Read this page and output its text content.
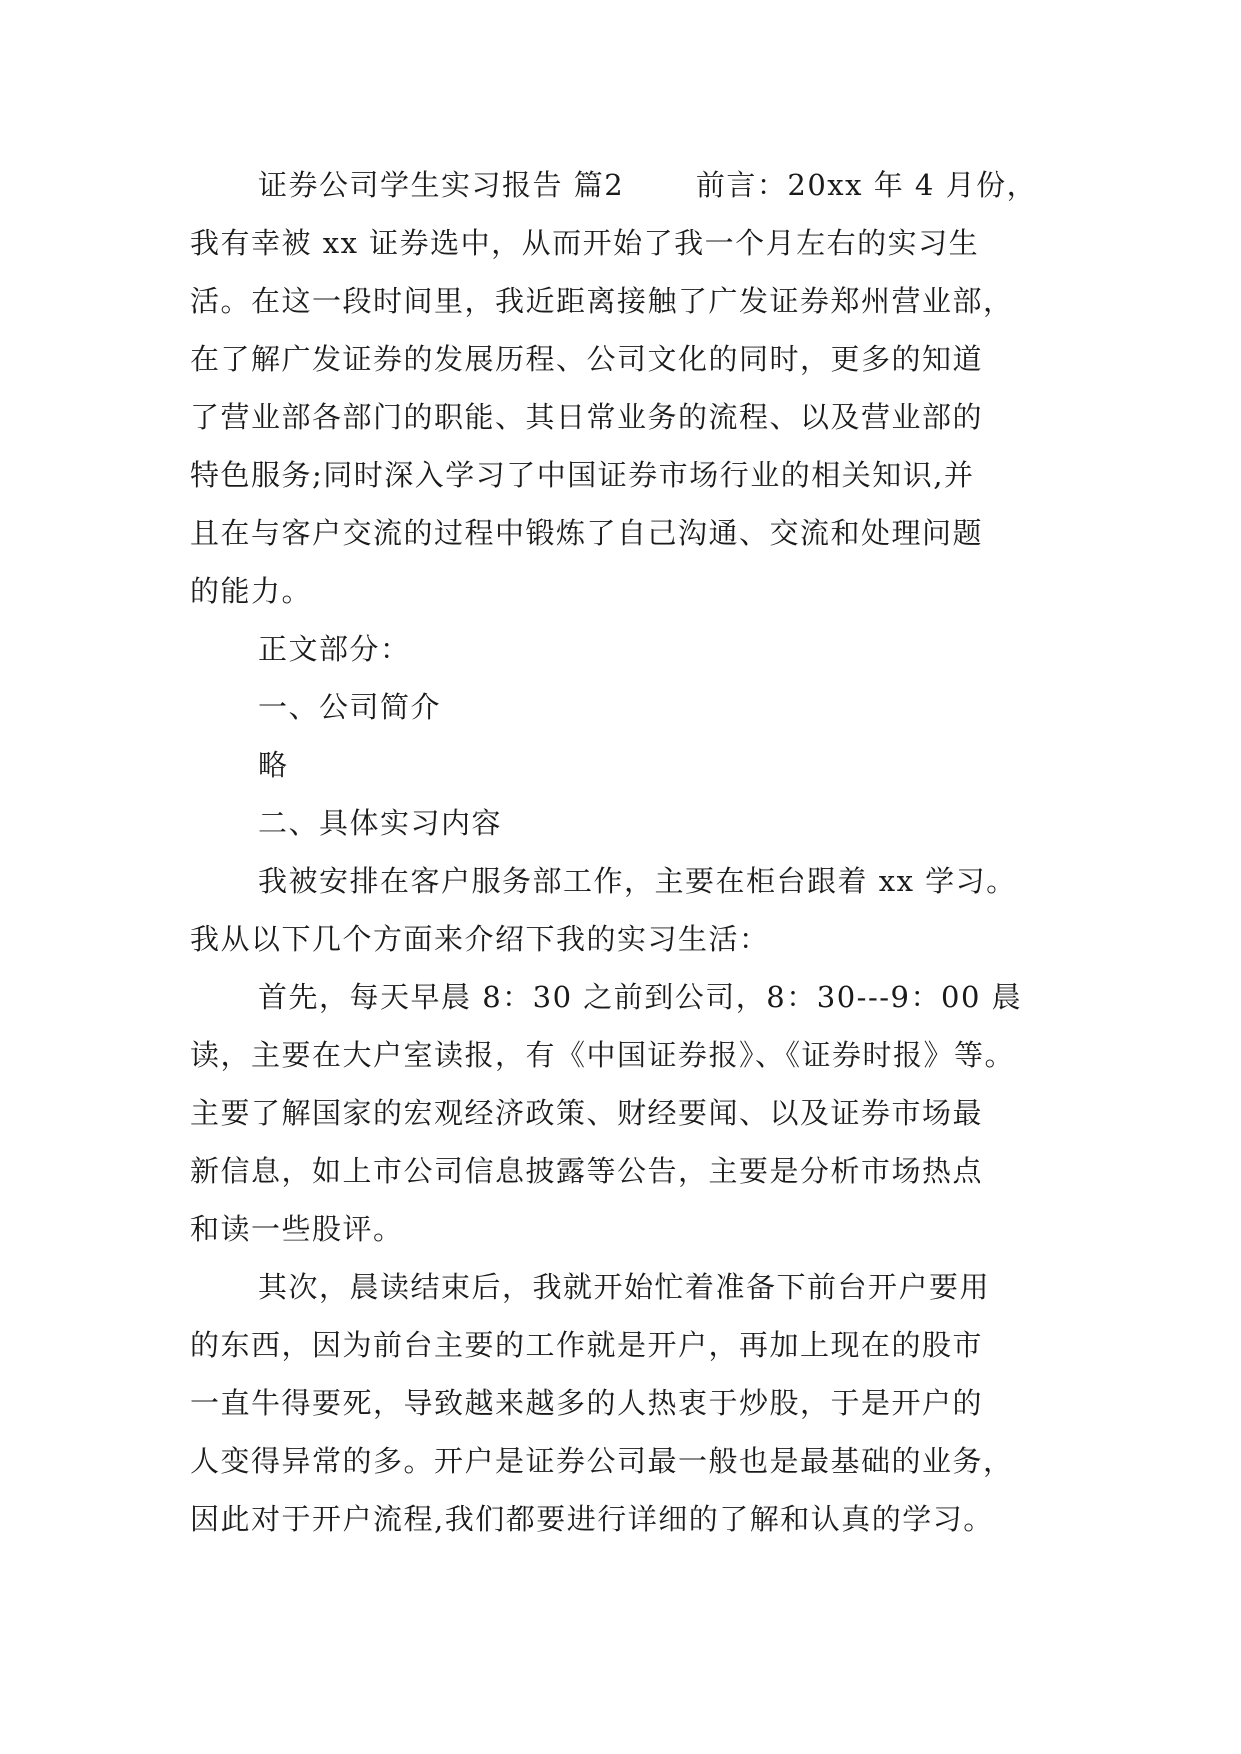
证券公司学生实习报告 篇2 　　前言：20xx 年 4 月份，
我有幸被 xx 证券选中，从而开始了我一个月左右的实习生
活。在这一段时间里，我近距离接触了广发证券郑州营业部，
在了解广发证券的发展历程、公司文化的同时，更多的知道
了营业部各部门的职能、其日常业务的流程、以及营业部的
特色服务;同时深入学习了中国证券市场行业的相关知识,并
且在与客户交流的过程中锻炼了自己沟通、交流和处理问题
的能力。
正文部分：
一、公司简介
略
二、具体实习内容
我被安排在客户服务部工作，主要在柜台跟着 xx 学习。
我从以下几个方面来介绍下我的实习生活：
首先，每天早晨 8：30 之前到公司，8：30---9：00 晨
读，主要在大户室读报，有《中国证券报》、《证券时报》等。
主要了解国家的宏观经济政策、财经要闻、以及证券市场最
新信息，如上市公司信息披露等公告，主要是分析市场热点
和读一些股评。
其次，晨读结束后，我就开始忙着准备下前台开户要用
的东西，因为前台主要的工作就是开户，再加上现在的股市
一直牛得要死，导致越来越多的人热衷于炒股，于是开户的
人变得异常的多。开户是证券公司最一般也是最基础的业务，
因此对于开户流程,我们都要进行详细的了解和认真的学习。
